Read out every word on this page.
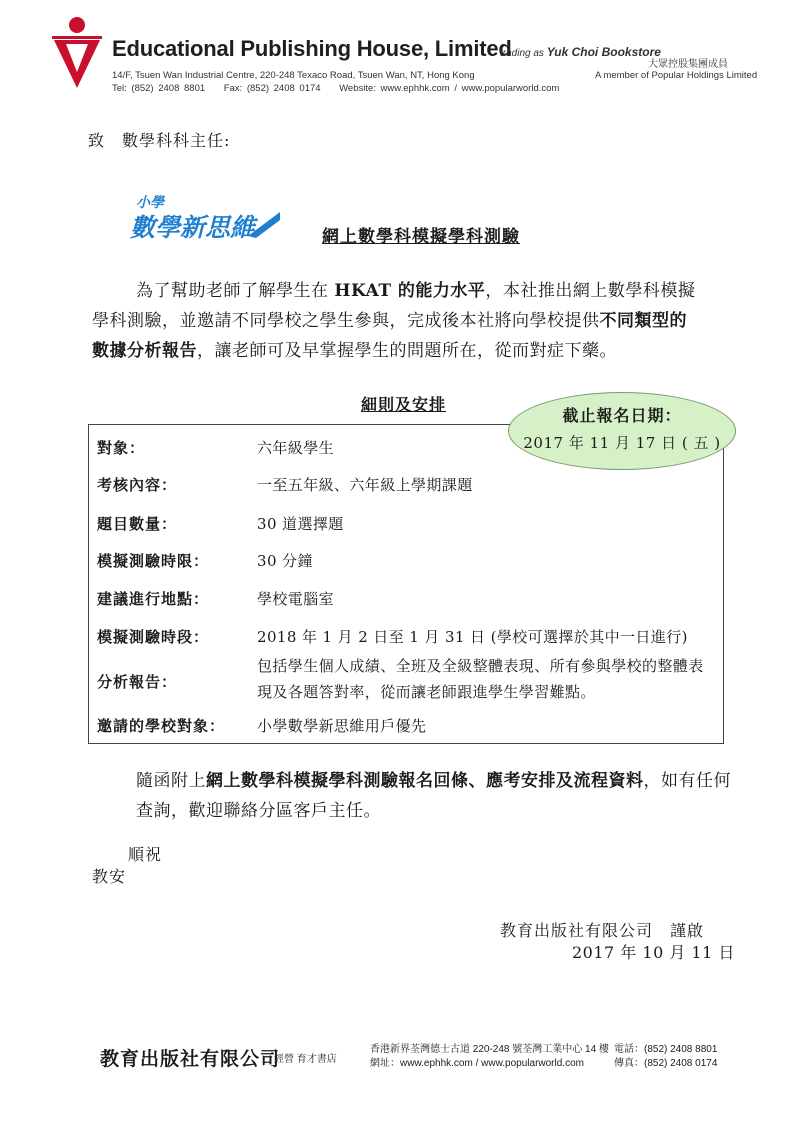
Educational Publishing House, Limited
trading as Yuk Choi Bookstore
大眾控股集團成員
14/F, Tsuen Wan Industrial Centre, 220-248 Texaco Road, Tsuen Wan, NT, Hong Kong	A member of Popular Holdings Limited
Tel: (852) 2408 8801 Fax: (852) 2408 0174 Website: www.ephhk.com / www.popularworld.com
致　數學科科主任:
小學
數學新思維	網上數學科模擬學科測驗

為了幫助老師了解學生在 HKAT 的能力水平，本社推出網上數學科模擬

學科測驗，並邀請不同學校之學生參與，完成後本社將向學校提供不同類型的

數據分析報告，讓老師可及早掌握學生的問題所在，從而對症下藥。

細則及安排
對象：	六年級學生
考核內容：	一至五年級、六年級上學期課題
題目數量：	30 道選擇題
模擬測驗時限：	30 分鐘
建議進行地點：	學校電腦室
模擬測驗時段：	2018 年 1 月 2 日至 1 月 31 日 (學校可選擇於其中一日進行)
分析報告：
包括學生個人成績、全班及全級整體表現、所有參與學校的整體表現及各題答對率，從而讓老師跟進學生學習難點。
邀請的學校對象： 小學數學新思維用戶優先
截止報名日期：
2017 年 11 月 17 日 ( 五 )
隨函附上網上數學科模擬學科測驗報名回條、應考安排及流程資料，如有任何查詢，歡迎聯絡分區客戶主任。
順祝
教安
教育出版社有限公司　謹啟
2017 年 10 月 11 日
教育出版社有限公司
經營 育才書店
香港新界荃灣德士古道 220-248 號荃灣工業中心 14 樓
網址：www.ephhk.com / www.popularworld.com
電話：(852) 2408 8801
傳真：(852) 2408 0174
